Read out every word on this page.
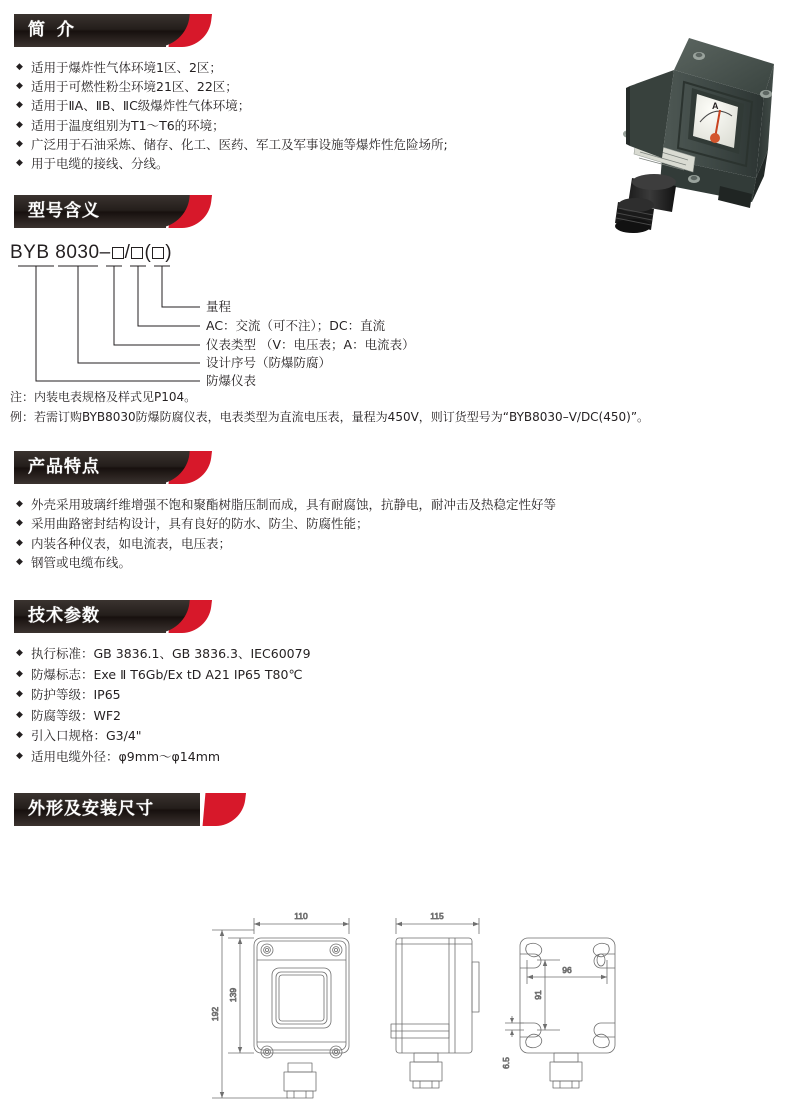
简 介
◆ 适用于爆炸性气体环境1区、2区；
◆ 适用于可燃性粉尘环境21区、22区；
◆ 适用于ⅡA、ⅡB、ⅡC级爆炸性气体环境；
◆ 适用于温度组别为T1～T6的环境；
◆ 广泛用于石油采炼、储存、化工、医药、军工及军事设施等爆炸性危险场所;
◆ 用于电缆的接线、分线。
A
型号含义
BYB 8030– / ( )
量程
AC：交流（可不注）；DC：直流
仪表类型 （V：电压表；A：电流表）
设计序号（防爆防腐）
防爆仪表
注：内装电表规格及样式见P104。
例：若需订购BYB8030防爆防腐仪表，电表类型为直流电压表，量程为450V，则订货型号为“BYB8030–V/DC(450)”。
产品特点
◆ 外壳采用玻璃纤维增强不饱和聚酯树脂压制而成，具有耐腐蚀，抗静电，耐冲击及热稳定性好等
◆ 采用曲路密封结构设计，具有良好的防水、防尘、防腐性能；
◆ 内装各种仪表，如电流表，电压表；
◆ 钢管或电缆布线。
技术参数
◆ 执行标准：GB 3836.1、GB 3836.3、IEC60079
◆ 防爆标志：Exe Ⅱ T6Gb/Ex tD A21 IP65 T80℃
◆ 防护等级：IP65
◆ 防腐等级：WF2
◆ 引入口规格：G3/4"
◆ 适用电缆外径：φ9mm～φ14mm
外形及安装尺寸
110
139
192
115
96
91
6.5
